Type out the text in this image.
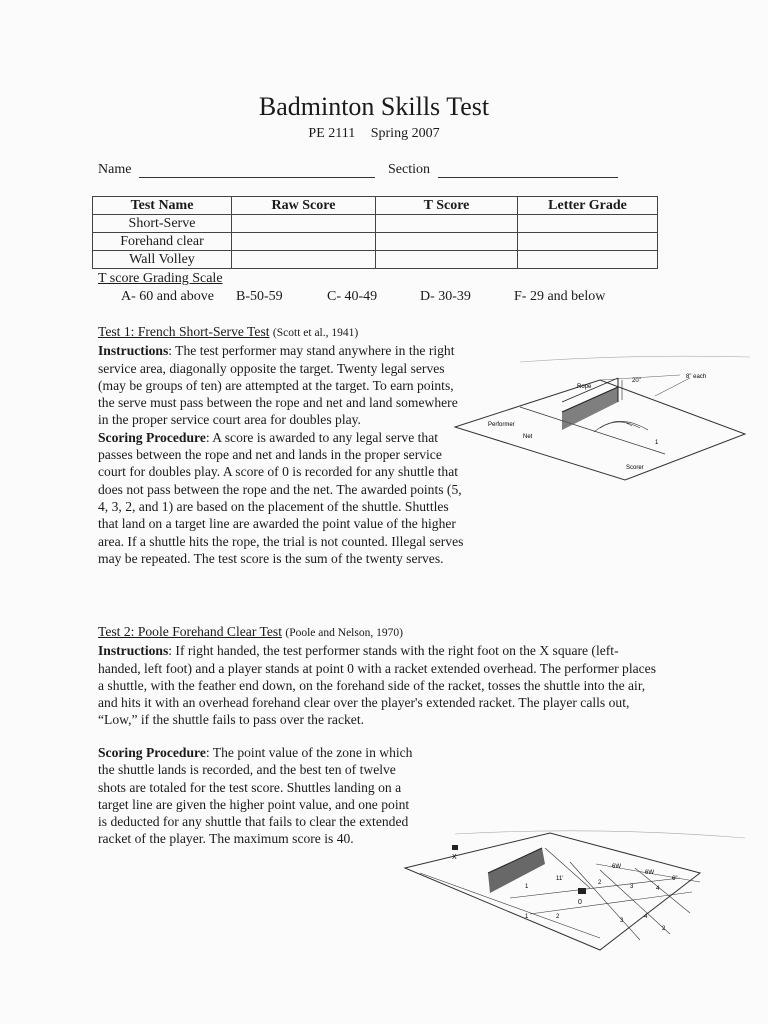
Badminton Skills Test
PE 2111 Spring 2007
Name	Section
Test Name	Raw Score	T Score	Letter Grade
Short-Serve			
Forehand clear			
Wall Volley			
T score Grading Scale
A- 60 and above B-50-59	C- 40-49	D- 30-39	F- 29 and below
Test 1: French Short-Serve Test (Scott et al., 1941)
Instructions: The test performer may stand anywhere in the right service area, diagonally opposite the target. Twenty legal serves (may be groups of ten) are attempted at the target. To earn points, the serve must pass between the rope and net and land somewhere in the proper service court area for doubles play.
Scoring Procedure: A score is awarded to any legal serve that passes between the rope and net and lands in the proper service court for doubles play. A score of 0 is recorded for any shuttle that does not pass between the rope and the net. The awarded points (5, 4, 3, 2, and 1) are based on the placement of the shuttle. Shuttles that land on a target line are awarded the point value of the higher area. If a shuttle hits the rope, the trial is not counted. Illegal serves may be repeated. The test score is the sum of the twenty serves.
Rope
20"
8" each
Performer
Net
Scorer
1
Test 2: Poole Forehand Clear Test (Poole and Nelson, 1970)
Instructions: If right handed, the test performer stands with the right foot on the X square (left-handed, left foot) and a player stands at point 0 with a racket extended overhead. The performer places a shuttle, with the feather end down, on the forehand side of the racket, tosses the shuttle into the air, and hits it with an overhead forehand clear over the player's extended racket. The player calls out, “Low,” if the shuttle fails to pass over the racket.
Scoring Procedure: The point value of the zone in which the shuttle lands is recorded, and the best ten of twelve shots are totaled for the test score. Shuttles landing on a target line are given the higher point value, and one point is deducted for any shuttle that fails to clear the extended racket of the player. The maximum score is 40.
X
0
11'
6W
6W
6"
1
1	2
2
3	4
3
4
2
